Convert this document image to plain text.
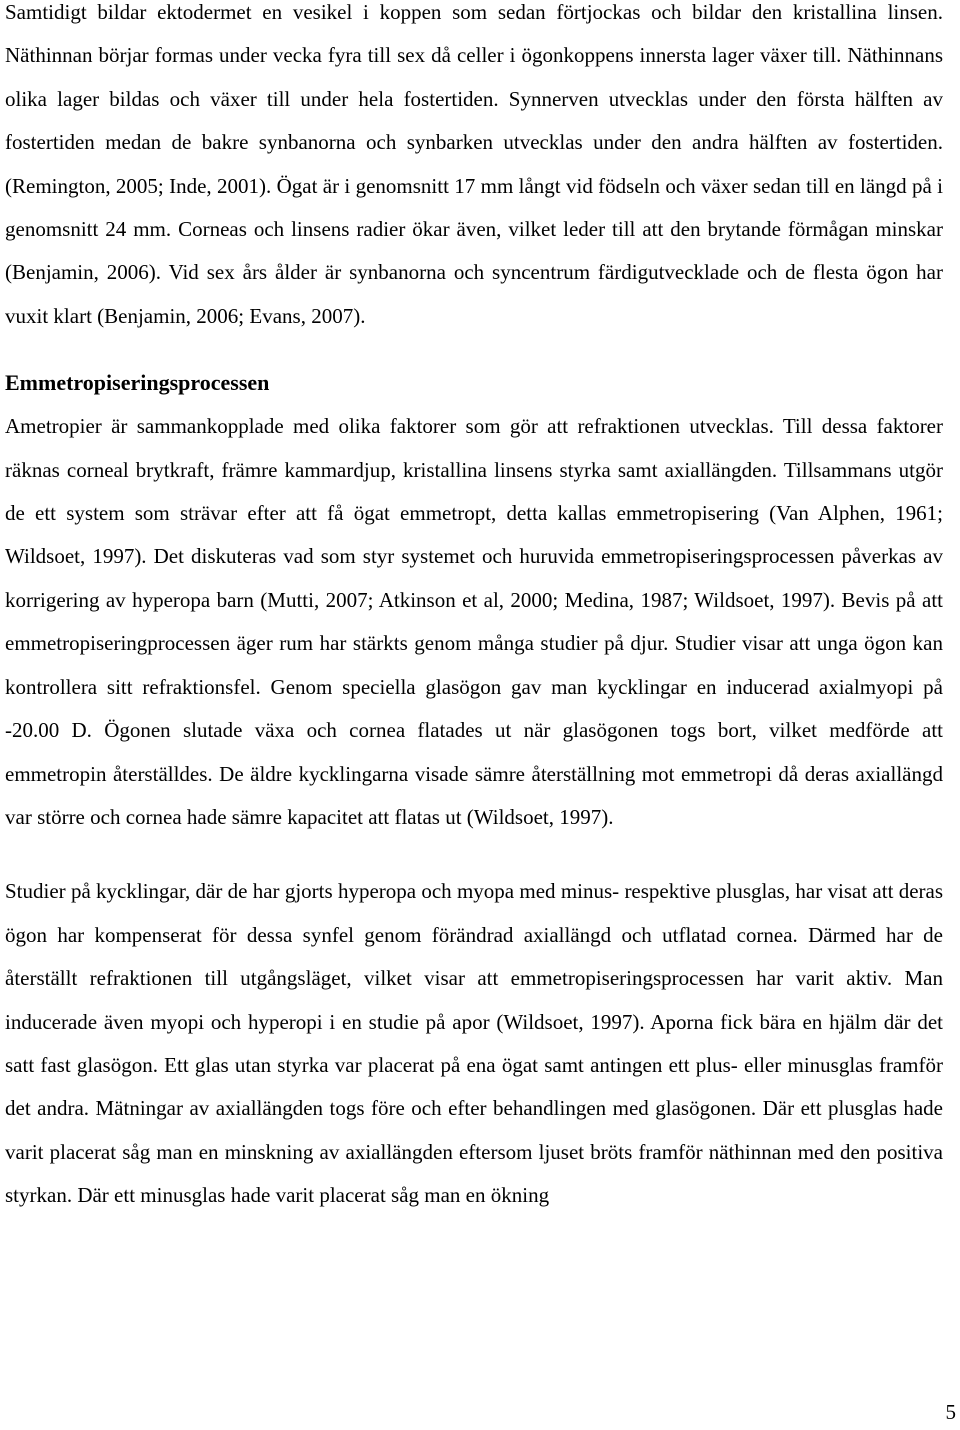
Samtidigt bildar ektodermet en vesikel i koppen som sedan förtjockas och bildar den kristallina linsen. Näthinnan börjar formas under vecka fyra till sex då celler i ögonkoppens innersta lager växer till. Näthinnans olika lager bildas och växer till under hela fostertiden. Synnerven utvecklas under den första hälften av fostertiden medan de bakre synbanorna och synbarken utvecklas under den andra hälften av fostertiden. (Remington, 2005; Inde, 2001). Ögat är i genomsnitt 17 mm långt vid födseln och växer sedan till en längd på i genomsnitt 24 mm. Corneas och linsens radier ökar även, vilket leder till att den brytande förmågan minskar (Benjamin, 2006). Vid sex års ålder är synbanorna och syncentrum färdigutvecklade och de flesta ögon har vuxit klart (Benjamin, 2006; Evans, 2007).

Emmetropiseringsprocessen

Ametropier är sammankopplade med olika faktorer som gör att refraktionen utvecklas. Till dessa faktorer räknas corneal brytkraft, främre kammardjup, kristallina linsens styrka samt axiallängden. Tillsammans utgör de ett system som strävar efter att få ögat emmetropt, detta kallas emmetropisering (Van Alphen, 1961; Wildsoet, 1997). Det diskuteras vad som styr systemet och huruvida emmetropiseringsprocessen påverkas av korrigering av hyperopa barn (Mutti, 2007; Atkinson et al, 2000; Medina, 1987; Wildsoet, 1997). Bevis på att emmetropiseringprocessen äger rum har stärkts genom många studier på djur. Studier visar att unga ögon kan kontrollera sitt refraktionsfel. Genom speciella glasögon gav man kycklingar en inducerad axialmyopi på -20.00 D. Ögonen slutade växa och cornea flatades ut när glasögonen togs bort, vilket medförde att emmetropin återställdes. De äldre kycklingarna visade sämre återställning mot emmetropi då deras axiallängd var större och cornea hade sämre kapacitet att flatas ut (Wildsoet, 1997).

Studier på kycklingar, där de har gjorts hyperopa och myopa med minus- respektive plusglas, har visat att deras ögon har kompenserat för dessa synfel genom förändrad axiallängd och utflatad cornea. Därmed har de återställt refraktionen till utgångsläget, vilket visar att emmetropiseringsprocessen har varit aktiv. Man inducerade även myopi och hyperopi i en studie på apor (Wildsoet, 1997). Aporna fick bära en hjälm där det satt fast glasögon. Ett glas utan styrka var placerat på ena ögat samt antingen ett plus- eller minusglas framför det andra. Mätningar av axiallängden togs före och efter behandlingen med glasögonen. Där ett plusglas hade varit placerat såg man en minskning av axiallängden eftersom ljuset bröts framför näthinnan med den positiva styrkan. Där ett minusglas hade varit placerat såg man en ökning

5
